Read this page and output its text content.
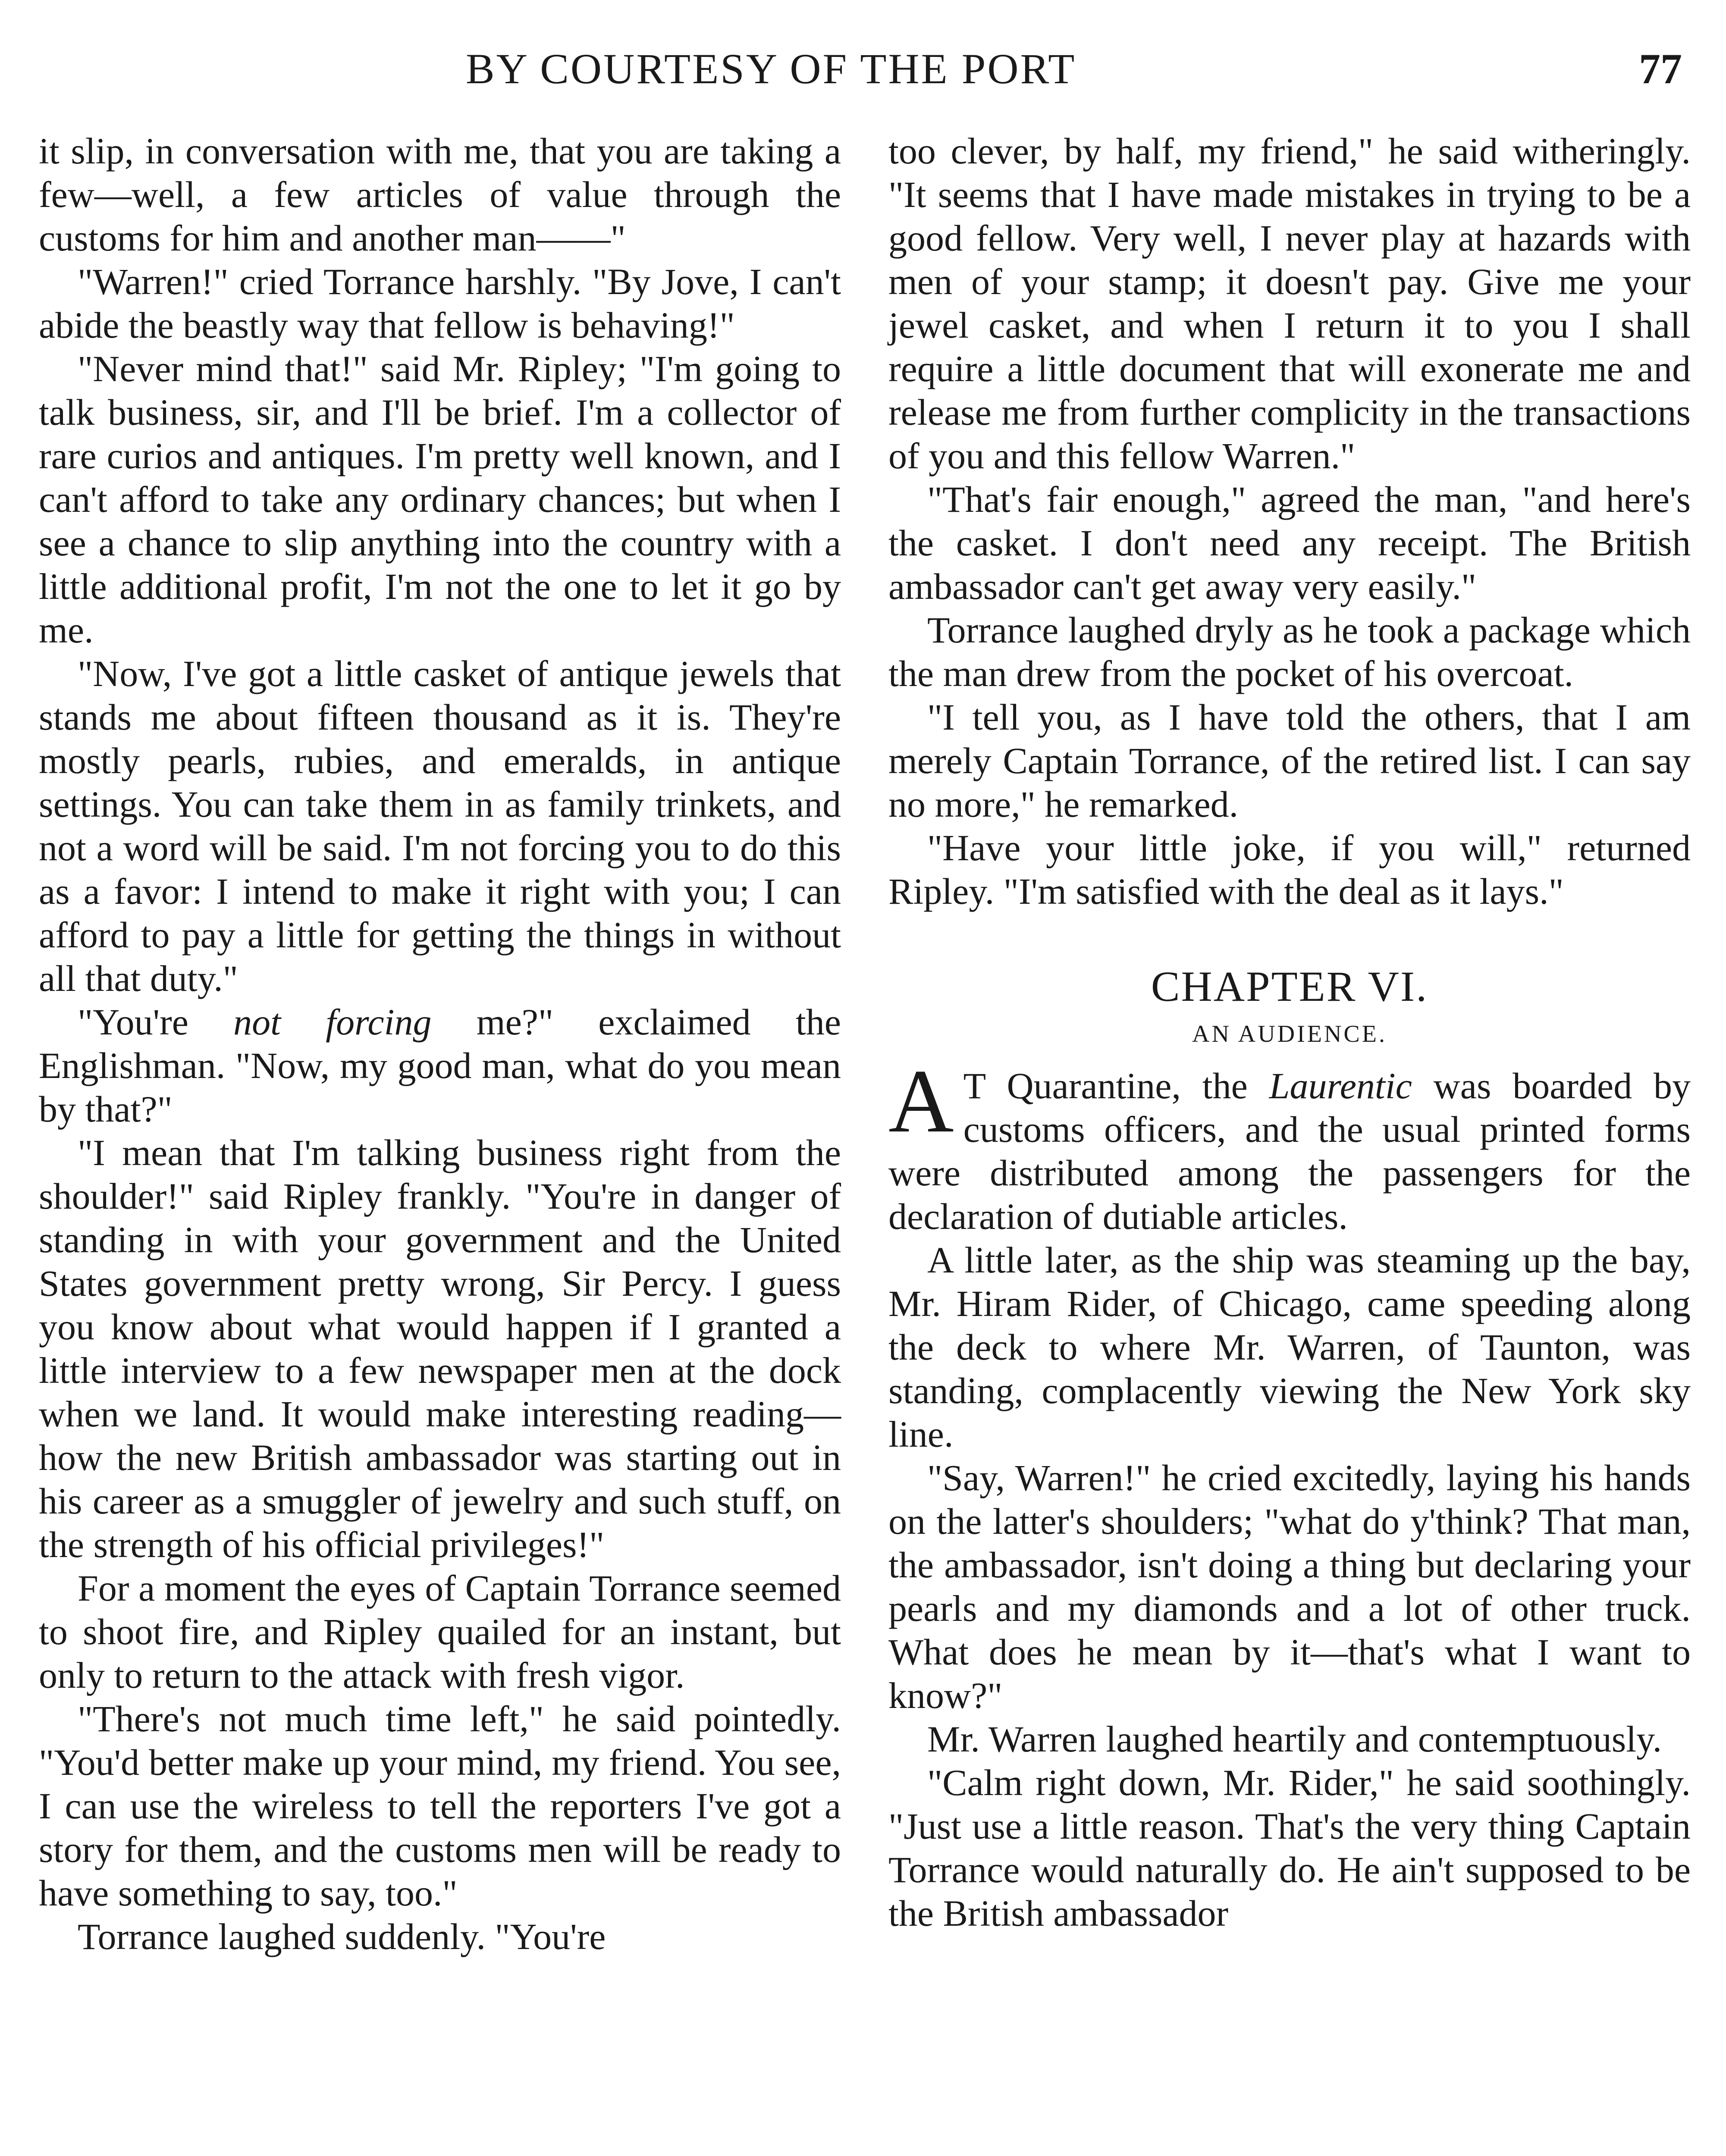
BY COURTESY OF THE PORT	77

it slip, in conversation with me, that you are taking a few—well, a few articles of value through the customs for him and another man——"

"Warren!" cried Torrance harshly. "By Jove, I can't abide the beastly way that fellow is behaving!"

"Never mind that!" said Mr. Ripley; "I'm going to talk business, sir, and I'll be brief. I'm a collector of rare curios and antiques. I'm pretty well known, and I can't afford to take any ordinary chances; but when I see a chance to slip anything into the country with a little additional profit, I'm not the one to let it go by me.

"Now, I've got a little casket of antique jewels that stands me about fifteen thousand as it is. They're mostly pearls, rubies, and emeralds, in antique settings. You can take them in as family trinkets, and not a word will be said. I'm not forcing you to do this as a favor: I intend to make it right with you; I can afford to pay a little for getting the things in without all that duty."

"You're not forcing me?" exclaimed the Englishman. "Now, my good man, what do you mean by that?"

"I mean that I'm talking business right from the shoulder!" said Ripley frankly. "You're in danger of standing in with your government and the United States government pretty wrong, Sir Percy. I guess you know about what would happen if I granted a little interview to a few newspaper men at the dock when we land. It would make interesting reading—how the new British ambassador was starting out in his career as a smuggler of jewelry and such stuff, on the strength of his official privileges!"

For a moment the eyes of Captain Torrance seemed to shoot fire, and Ripley quailed for an instant, but only to return to the attack with fresh vigor.

"There's not much time left," he said pointedly. "You'd better make up your mind, my friend. You see, I can use the wireless to tell the reporters I've got a story for them, and the customs men will be ready to have something to say, too."

Torrance laughed suddenly. "You're

too clever, by half, my friend," he said witheringly. "It seems that I have made mistakes in trying to be a good fellow. Very well, I never play at hazards with men of your stamp; it doesn't pay. Give me your jewel casket, and when I return it to you I shall require a little document that will exonerate me and release me from further complicity in the transactions of you and this fellow Warren."

"That's fair enough," agreed the man, "and here's the casket. I don't need any receipt. The British ambassador can't get away very easily."

Torrance laughed dryly as he took a package which the man drew from the pocket of his overcoat.

"I tell you, as I have told the others, that I am merely Captain Torrance, of the retired list. I can say no more," he remarked.

"Have your little joke, if you will," returned Ripley. "I'm satisfied with the deal as it lays."

CHAPTER VI.
AN AUDIENCE.

A T Quarantine, the Laurentic was boarded by customs officers, and the usual printed forms were distributed among the passengers for the declaration of dutiable articles.

A little later, as the ship was steaming up the bay, Mr. Hiram Rider, of Chicago, came speeding along the deck to where Mr. Warren, of Taunton, was standing, complacently viewing the New York sky line.

"Say, Warren!" he cried excitedly, laying his hands on the latter's shoulders; "what do y'think? That man, the ambassador, isn't doing a thing but declaring your pearls and my diamonds and a lot of other truck. What does he mean by it—that's what I want to know?"

Mr. Warren laughed heartily and contemptuously.

"Calm right down, Mr. Rider," he said soothingly. "Just use a little reason. That's the very thing Captain Torrance would naturally do. He ain't supposed to be the British ambassador
